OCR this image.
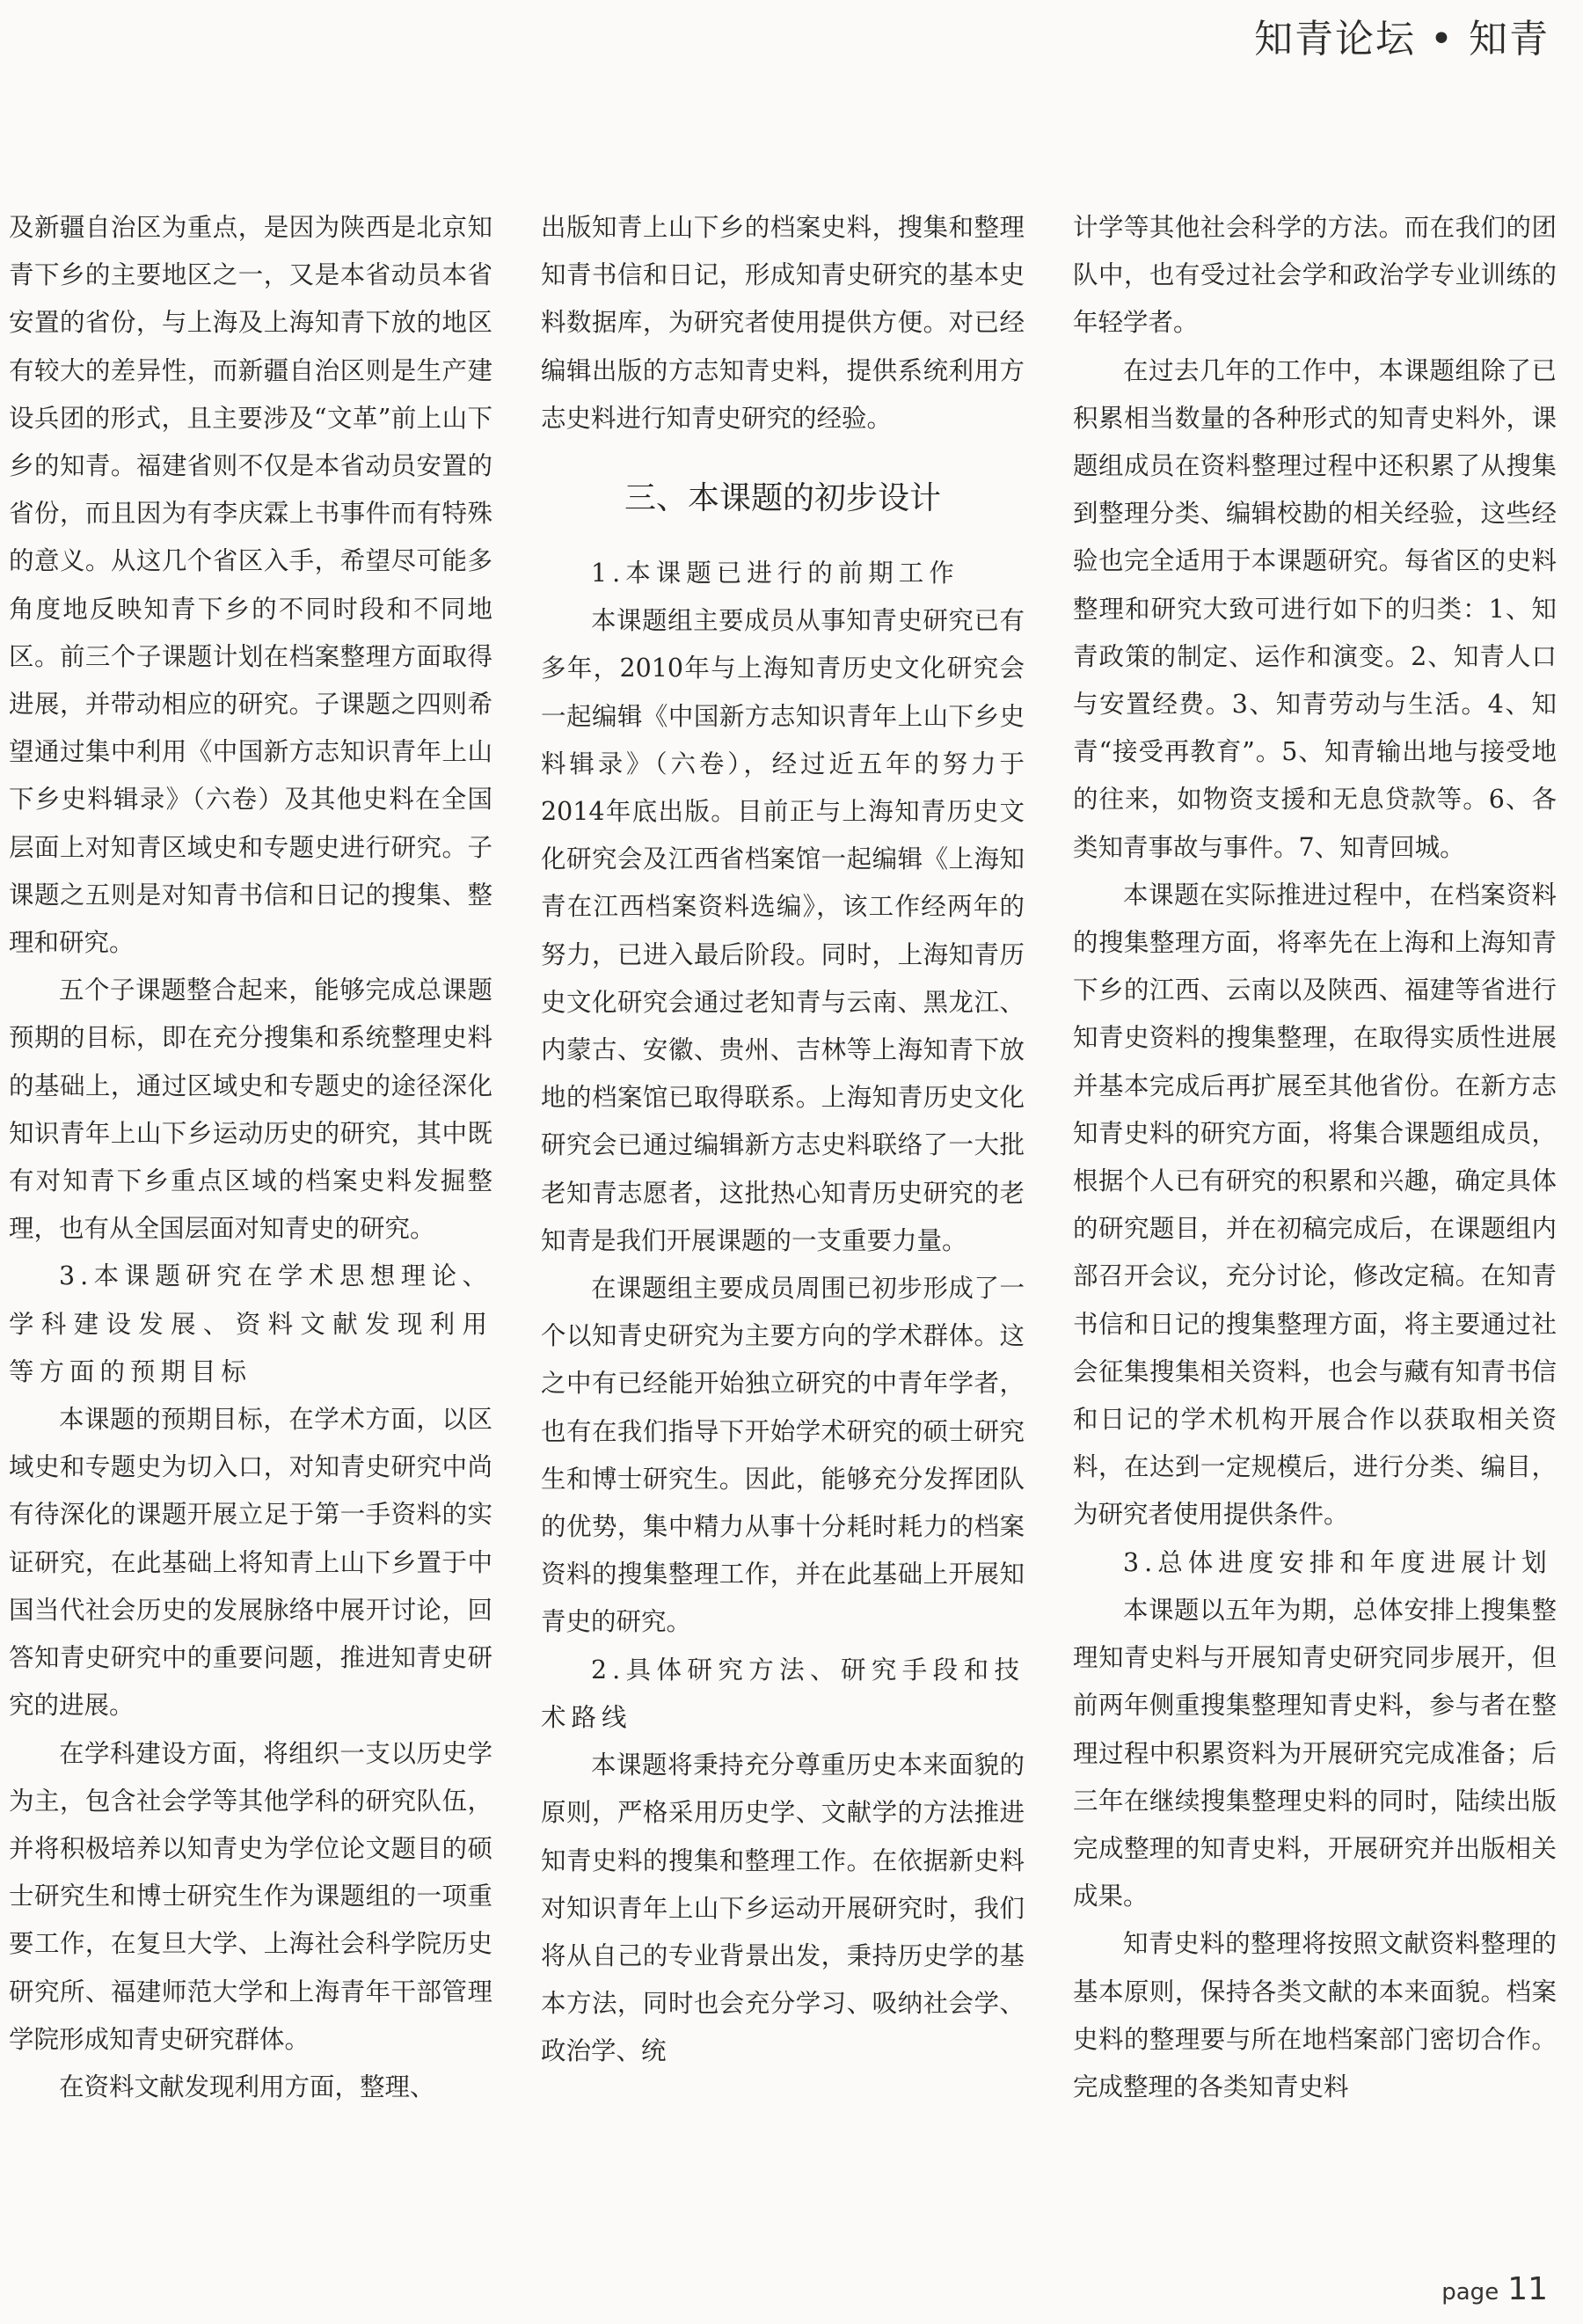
知青论坛 • 知青

及新疆自治区为重点，是因为陕西是北京知青下乡的主要地区之一，又是本省动员本省安置的省份，与上海及上海知青下放的地区有较大的差异性，而新疆自治区则是生产建设兵团的形式，且主要涉及“文革”前上山下乡的知青。福建省则不仅是本省动员安置的省份，而且因为有李庆霖上书事件而有特殊的意义。从这几个省区入手，希望尽可能多角度地反映知青下乡的不同时段和不同地区。前三个子课题计划在档案整理方面取得进展，并带动相应的研究。子课题之四则希望通过集中利用《中国新方志知识青年上山下乡史料辑录》（六卷）及其他史料在全国层面上对知青区域史和专题史进行研究。子课题之五则是对知青书信和日记的搜集、整理和研究。

五个子课题整合起来，能够完成总课题预期的目标，即在充分搜集和系统整理史料的基础上，通过区域史和专题史的途径深化知识青年上山下乡运动历史的研究，其中既有对知青下乡重点区域的档案史料发掘整理，也有从全国层面对知青史的研究。

3.本课题研究在学术思想理论、学科建设发展、资料文献发现利用等方面的预期目标

本课题的预期目标，在学术方面，以区域史和专题史为切入口，对知青史研究中尚有待深化的课题开展立足于第一手资料的实证研究，在此基础上将知青上山下乡置于中国当代社会历史的发展脉络中展开讨论，回答知青史研究中的重要问题，推进知青史研究的进展。

在学科建设方面，将组织一支以历史学为主，包含社会学等其他学科的研究队伍，并将积极培养以知青史为学位论文题目的硕士研究生和博士研究生作为课题组的一项重要工作，在复旦大学、上海社会科学院历史研究所、福建师范大学和上海青年干部管理学院形成知青史研究群体。

在资料文献发现利用方面，整理、

出版知青上山下乡的档案史料，搜集和整理知青书信和日记，形成知青史研究的基本史料数据库，为研究者使用提供方便。对已经编辑出版的方志知青史料，提供系统利用方志史料进行知青史研究的经验。

三、本课题的初步设计

1.本课题已进行的前期工作

本课题组主要成员从事知青史研究已有多年，2010年与上海知青历史文化研究会一起编辑《中国新方志知识青年上山下乡史料辑录》（六卷），经过近五年的努力于2014年底出版。目前正与上海知青历史文化研究会及江西省档案馆一起编辑《上海知青在江西档案资料选编》，该工作经两年的努力，已进入最后阶段。同时，上海知青历史文化研究会通过老知青与云南、黑龙江、内蒙古、安徽、贵州、吉林等上海知青下放地的档案馆已取得联系。上海知青历史文化研究会已通过编辑新方志史料联络了一大批老知青志愿者，这批热心知青历史研究的老知青是我们开展课题的一支重要力量。

在课题组主要成员周围已初步形成了一个以知青史研究为主要方向的学术群体。这之中有已经能开始独立研究的中青年学者，也有在我们指导下开始学术研究的硕士研究生和博士研究生。因此，能够充分发挥团队的优势，集中精力从事十分耗时耗力的档案资料的搜集整理工作，并在此基础上开展知青史的研究。

2.具体研究方法、研究手段和技术路线

本课题将秉持充分尊重历史本来面貌的原则，严格采用历史学、文献学的方法推进知青史料的搜集和整理工作。在依据新史料对知识青年上山下乡运动开展研究时，我们将从自己的专业背景出发，秉持历史学的基本方法，同时也会充分学习、吸纳社会学、政治学、统

计学等其他社会科学的方法。而在我们的团队中，也有受过社会学和政治学专业训练的年轻学者。

在过去几年的工作中，本课题组除了已积累相当数量的各种形式的知青史料外，课题组成员在资料整理过程中还积累了从搜集到整理分类、编辑校勘的相关经验，这些经验也完全适用于本课题研究。每省区的史料整理和研究大致可进行如下的归类：1、知青政策的制定、运作和演变。2、知青人口与安置经费。3、知青劳动与生活。4、知青“接受再教育”。5、知青输出地与接受地的往来，如物资支援和无息贷款等。6、各类知青事故与事件。7、知青回城。

本课题在实际推进过程中，在档案资料的搜集整理方面，将率先在上海和上海知青下乡的江西、云南以及陕西、福建等省进行知青史资料的搜集整理，在取得实质性进展并基本完成后再扩展至其他省份。在新方志知青史料的研究方面，将集合课题组成员，根据个人已有研究的积累和兴趣，确定具体的研究题目，并在初稿完成后，在课题组内部召开会议，充分讨论，修改定稿。在知青书信和日记的搜集整理方面，将主要通过社会征集搜集相关资料，也会与藏有知青书信和日记的学术机构开展合作以获取相关资料，在达到一定规模后，进行分类、编目，为研究者使用提供条件。

3.总体进度安排和年度进展计划

本课题以五年为期，总体安排上搜集整理知青史料与开展知青史研究同步展开，但前两年侧重搜集整理知青史料，参与者在整理过程中积累资料为开展研究完成准备；后三年在继续搜集整理史料的同时，陆续出版完成整理的知青史料，开展研究并出版相关成果。

知青史料的整理将按照文献资料整理的基本原则，保持各类文献的本来面貌。档案史料的整理要与所在地档案部门密切合作。完成整理的各类知青史料

page 11
